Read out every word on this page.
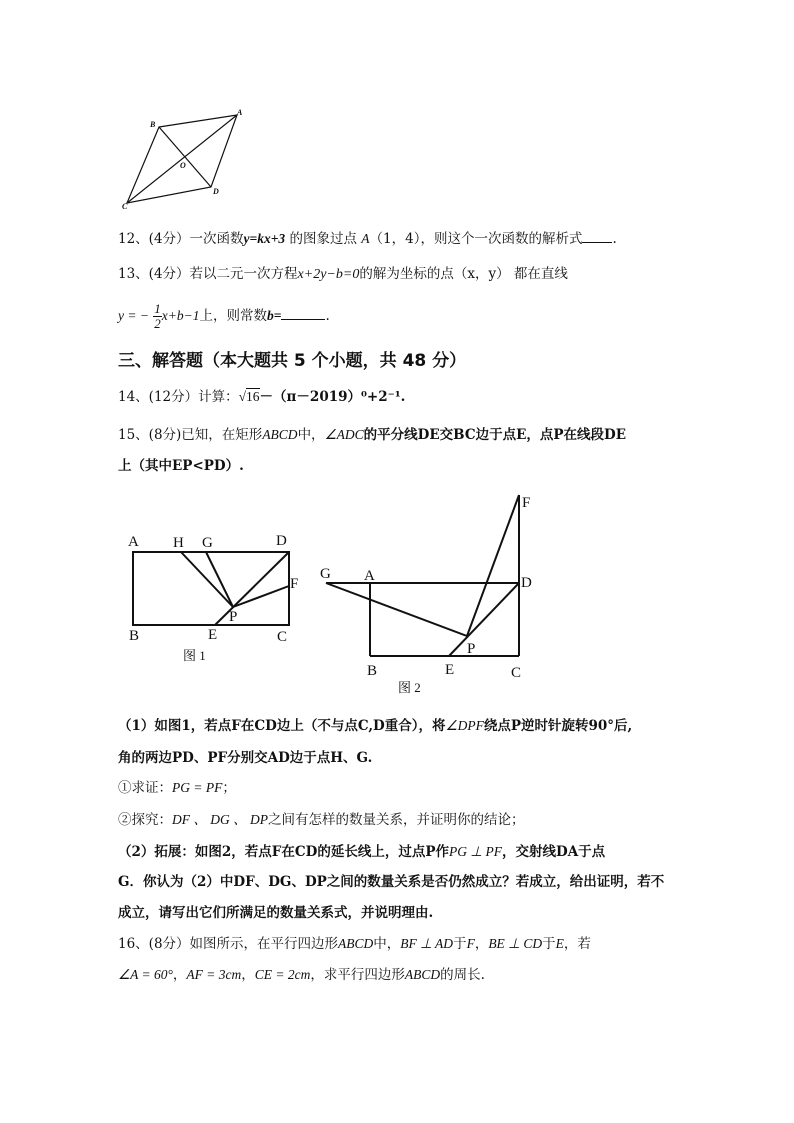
A
B
C
D
O
12、(4分）一次函数y=kx+3 的图象过点 A（1，4），则这个一次函数的解析式 .
13、(4分）若以二元一次方程x+2y−b=0的解为坐标的点（x，y） 都在直线
y = − $\frac{1}{2} x+b-1$上，则常数b=	.
三、解答题（本大题共 5 个小题，共 48 分）
14、(12分）计算：√16－（π－2019）⁰+2⁻¹.
15、(8分)已知，在矩形ABCD中，∠ADC的平分线DE交BC边于点E，点P在线段DE
上（其中EP<PD）.
A H G	D
F
P
B	E	C
图 1
F
G A	D
P
B	E	C
图 2
（1）如图1，若点F在CD边上（不与点C,D重合），将∠DPF绕点P逆时针旋转90°后,
角的两边PD、PF分别交AD边于点H、G.
①求证：PG = PF；
②探究：DF 、 DG 、 DP之间有怎样的数量关系，并证明你的结论；
（2）拓展：如图2，若点F在CD的延长线上，过点P作PG ⊥ PF，交射线DA于点
G．你认为（2）中DF、DG、DP之间的数量关系是否仍然成立？若成立，给出证明，若不
成立，请写出它们所满足的数量关系式，并说明理由.
16、(8分）如图所示，在平行四边形ABCD中，BF ⊥ AD于F，BE ⊥ CD于E，若
∠A = 60°，AF = 3cm，CE = 2cm，求平行四边形ABCD的周长.
